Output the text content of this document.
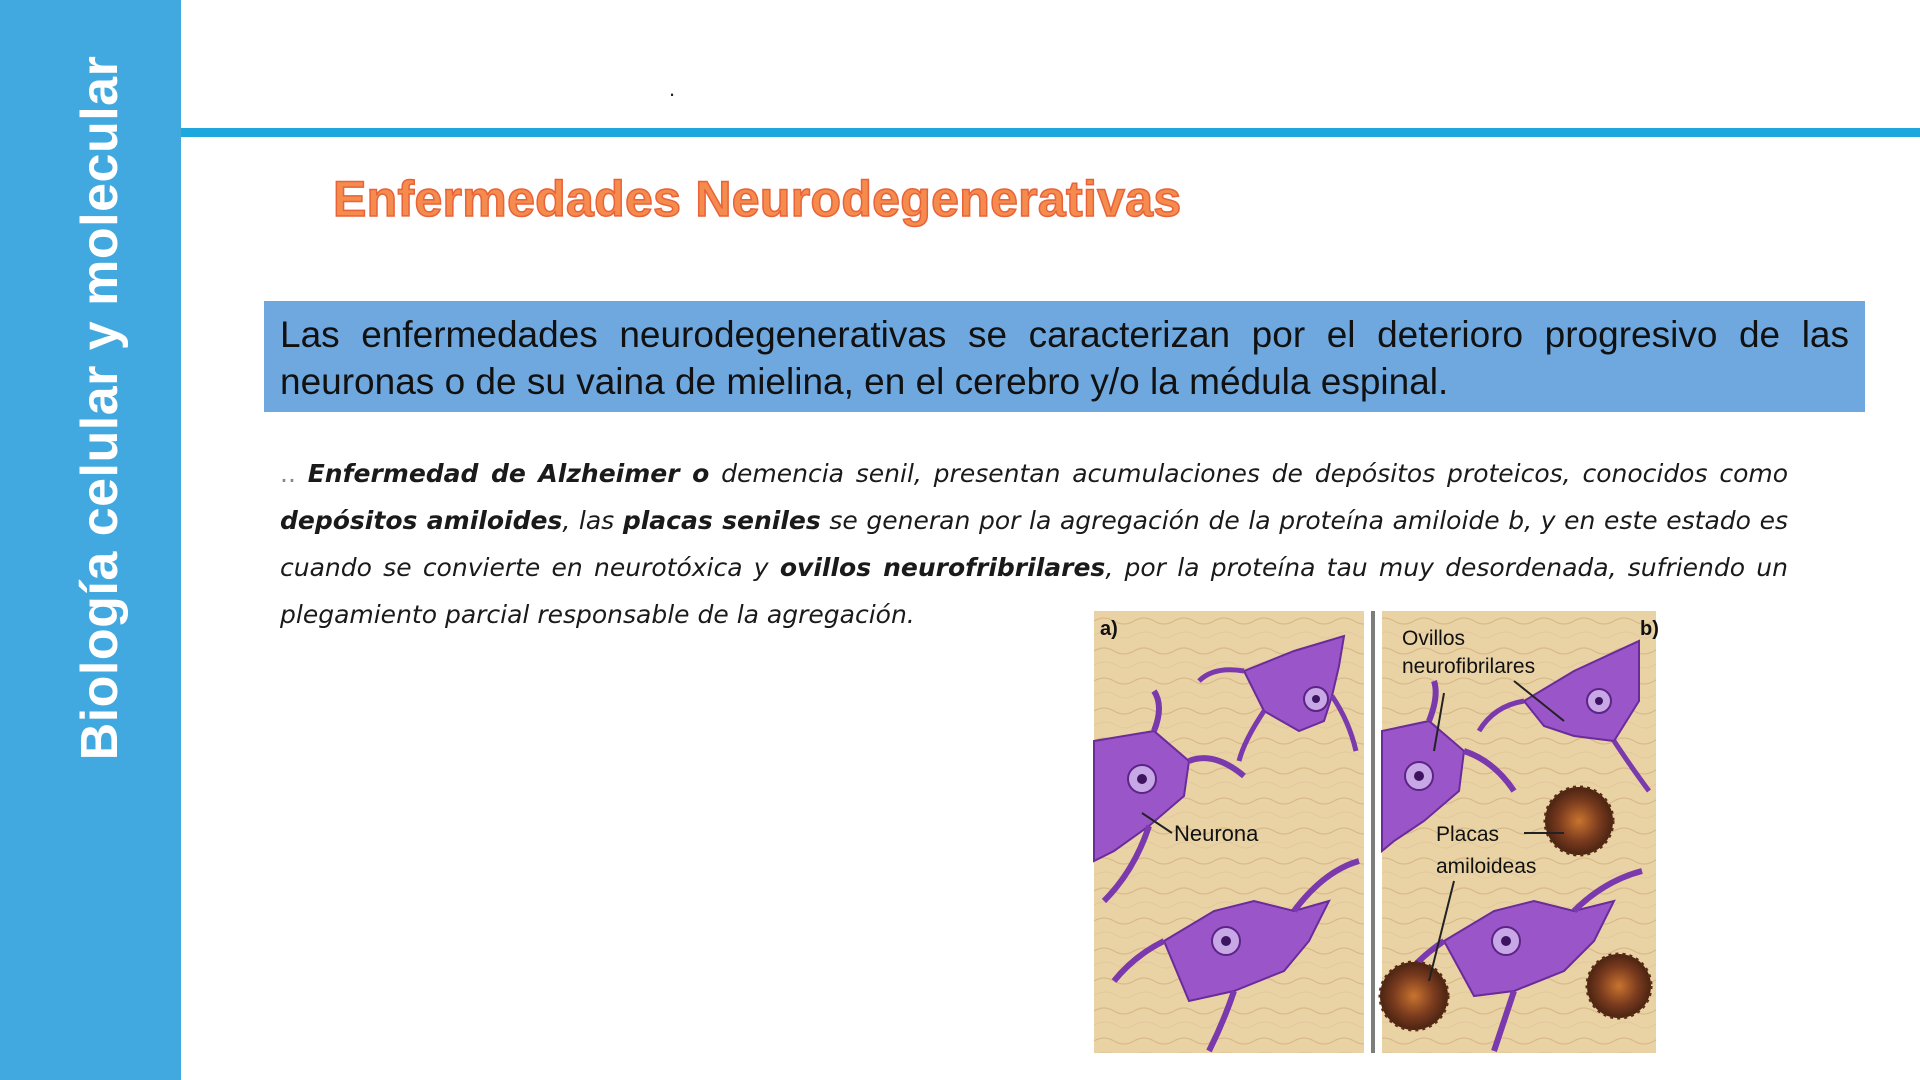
Biología celular y molecular	.
Enfermedades Neurodegenerativas
Las enfermedades neurodegenerativas se caracterizan por el deterioro progresivo de las neuronas o de su vaina de mielina, en el cerebro y/o la médula espinal.
.. Enfermedad de Alzheimer o demencia senil, presentan acumulaciones de depósitos proteicos, conocidos como depósitos amiloides, las placas seniles se generan por la agregación de la proteína amiloide b, y en este estado es cuando se convierte en neurotóxica y ovillos neurofribrilares, por la proteína tau muy desordenada, sufriendo un plegamiento parcial responsable de la agregación.	a)
Neurona
b)
Ovillos
neurofibrilares
Placas
amiloideas
